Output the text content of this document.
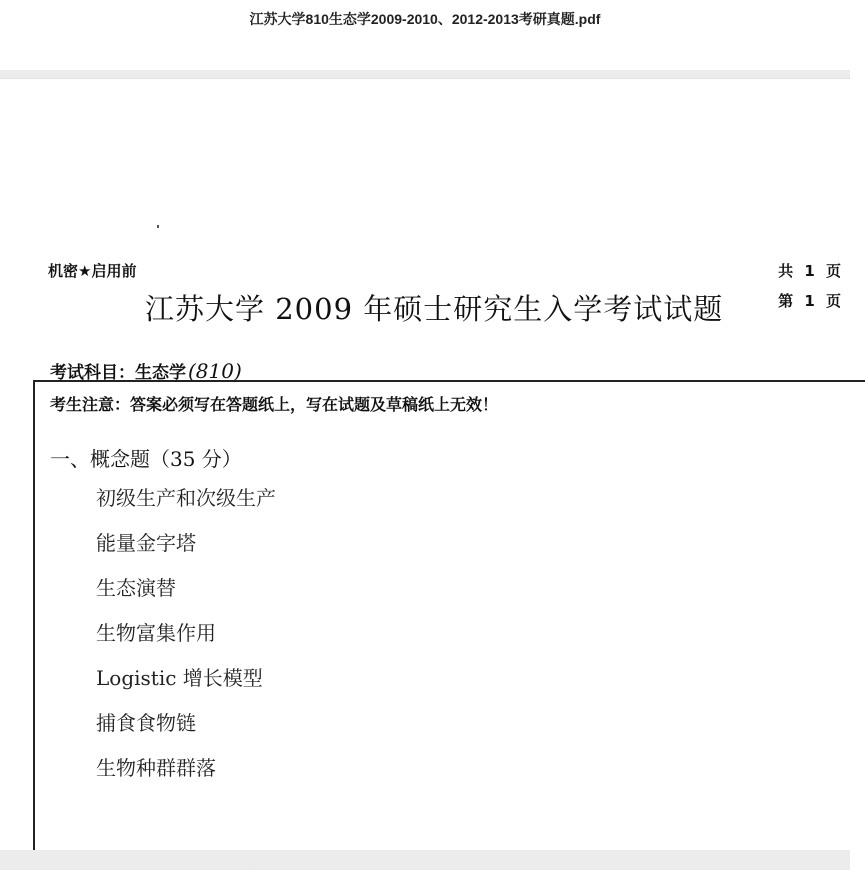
江苏大学810生态学2009-2010、2012-2013考研真题.pdf
机密★启用前	共 1 页
第 1 页
江苏大学 2009 年硕士研究生入学考试试题
考试科目：生态学 (810)
考生注意：答案必须写在答题纸上，写在试题及草稿纸上无效！
一、概念题（35 分）
初级生产和次级生产
能量金字塔
生态演替
生物富集作用
Logistic 增长模型
捕食食物链
生物种群群落
